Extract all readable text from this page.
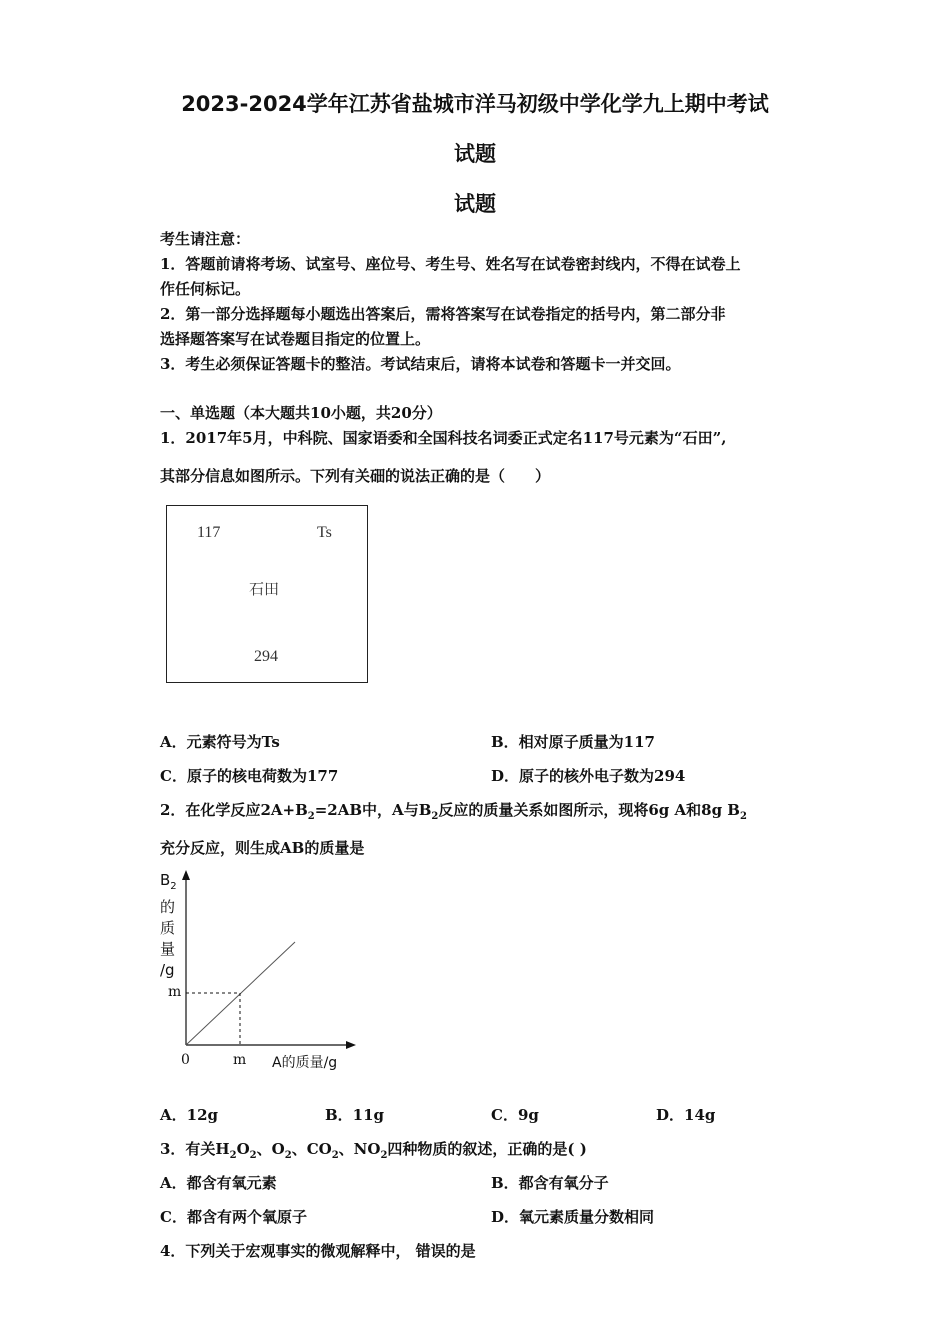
2023-2024学年江苏省盐城市洋马初级中学化学九上期中考试
试题
试题
考生请注意：
1．答题前请将考场、试室号、座位号、考生号、姓名写在试卷密封线内，不得在试卷上
作任何标记。
2．第一部分选择题每小题选出答案后，需将答案写在试卷指定的括号内，第二部分非
选择题答案写在试卷题目指定的位置上。
3．考生必须保证答题卡的整洁。考试结束后，请将本试卷和答题卡一并交回。
一、单选题（本大题共10小题，共20分）
1．2017年5月，中科院、国家语委和全国科技名词委正式定名117号元素为“石田”,
其部分信息如图所示。下列有关鿬的说法正确的是（　　）
117	Ts
石田
294
A．元素符号为Ts	B．相对原子质量为117
C．原子的核电荷数为177	D．原子的核外电子数为294
2．在化学反应$2A+B_2=2AB$中，A与$B_2$反应的质量关系如图所示，现将6g A和8g $B_2$
充分反应，则生成AB的质量是
$B_2$
的
质
量
/g
m
0	m A的质量/g
A．12g	B．11g	C．9g	D．14g
3．有关$H_2O_2$、$O_2$、$CO_2$、$NO_2$四种物质的叙述，正确的是( )
A．都含有氧元素	B．都含有氧分子
C．都含有两个氧原子	D．氧元素质量分数相同
4．下列关于宏观事实的微观解释中， 错误的是
